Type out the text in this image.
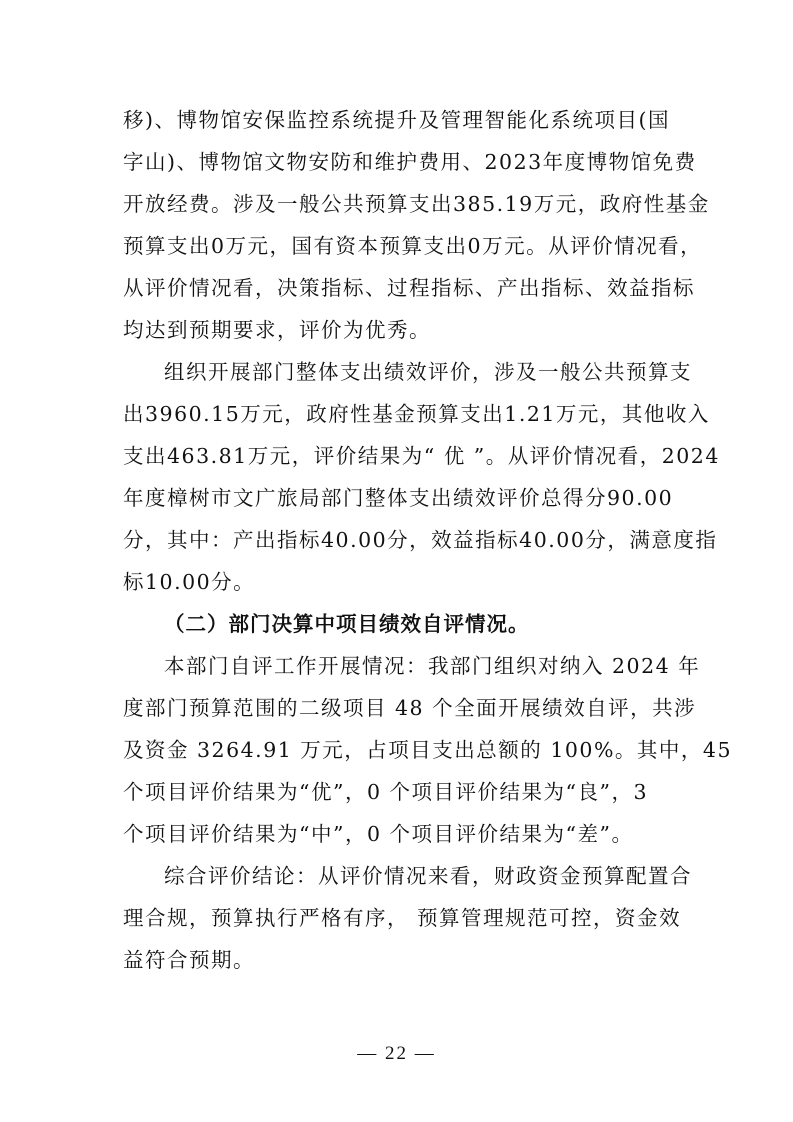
移)、博物馆安保监控系统提升及管理智能化系统项目(国
字山)、博物馆文物安防和维护费用、2023年度博物馆免费
开放经费。涉及一般公共预算支出385.19万元，政府性基金
预算支出0万元，国有资本预算支出0万元。从评价情况看，
从评价情况看，决策指标、过程指标、产出指标、效益指标
均达到预期要求，评价为优秀。
组织开展部门整体支出绩效评价，涉及一般公共预算支
出3960.15万元，政府性基金预算支出1.21万元，其他收入
支出463.81万元，评价结果为“ 优 ”。从评价情况看，2024
年度樟树市文广旅局部门整体支出绩效评价总得分90.00
分，其中：产出指标40.00分，效益指标40.00分，满意度指
标10.00分。
（二）部门决算中项目绩效自评情况。
本部门自评工作开展情况：我部门组织对纳入 2024 年
度部门预算范围的二级项目 48 个全面开展绩效自评，共涉
及资金 3264.91 万元，占项目支出总额的 100%。其中，45
个项目评价结果为“优”，0 个项目评价结果为“良”，3
个项目评价结果为“中”，0 个项目评价结果为“差”。
综合评价结论：从评价情况来看，财政资金预算配置合
理合规，预算执行严格有序， 预算管理规范可控，资金效
益符合预期。
— 22 —
